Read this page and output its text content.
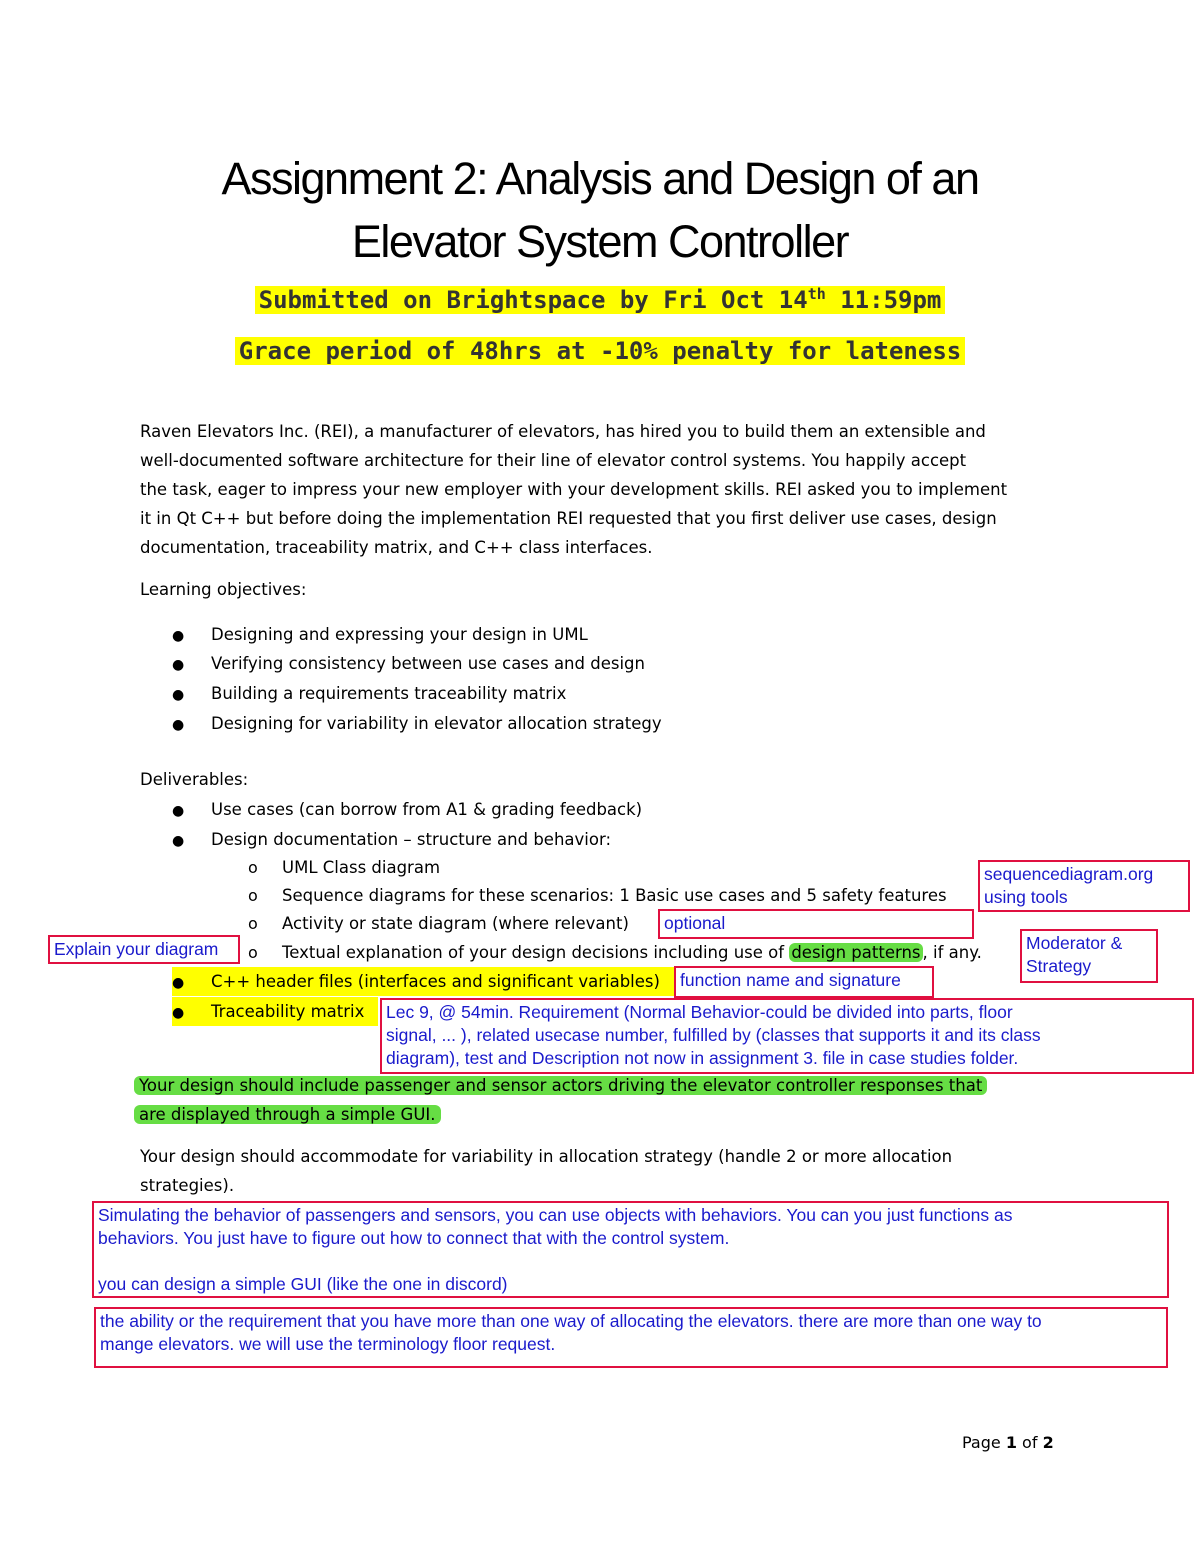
Assignment 2: Analysis and Design of an
Elevator System Controller
Submitted on Brightspace by Fri Oct 14th 11:59pm
Grace period of 48hrs at -10% penalty for lateness
Raven Elevators Inc. (REI), a manufacturer of elevators, has hired you to build them an extensible and
well-documented software architecture for their line of elevator control systems. You happily accept
the task, eager to impress your new employer with your development skills. REI asked you to implement
it in Qt C++ but before doing the implementation REI requested that you first deliver use cases, design
documentation, traceability matrix, and C++ class interfaces.
Learning objectives:
● Designing and expressing your design in UML
● Verifying consistency between use cases and design
● Building a requirements traceability matrix
● Designing for variability in elevator allocation strategy
Deliverables:
● Use cases (can borrow from A1 & grading feedback)
● Design documentation – structure and behavior:
o UML Class diagram
o Sequence diagrams for these scenarios: 1 Basic use cases and 5 safety features
o Activity or state diagram (where relevant)
o Textual explanation of your design decisions including use of design patterns , if any.
● C++ header files (interfaces and significant variables)
● Traceability matrix
Your design should include passenger and sensor actors driving the elevator controller responses that
are displayed through a simple GUI.
Your design should accommodate for variability in allocation strategy (handle 2 or more allocation
strategies).
sequencediagram.org
using tools
optional
Explain your diagram	Moderator &
Strategy
function name and signature
Lec 9, @ 54min. Requirement (Normal Behavior-could be divided into parts, floor
signal, ... ), related usecase number, fulfilled by (classes that supports it and its class
diagram), test and Description not now in assignment 3. file in case studies folder.
Simulating the behavior of passengers and sensors, you can use objects with behaviors. You can you just functions as
behaviors. You just have to figure out how to connect that with the control system.

you can design a simple GUI (like the one in discord)
the ability or the requirement that you have more than one way of allocating the elevators. there are more than one way to
mange elevators. we will use the terminology floor request.
Page 1 of 2
